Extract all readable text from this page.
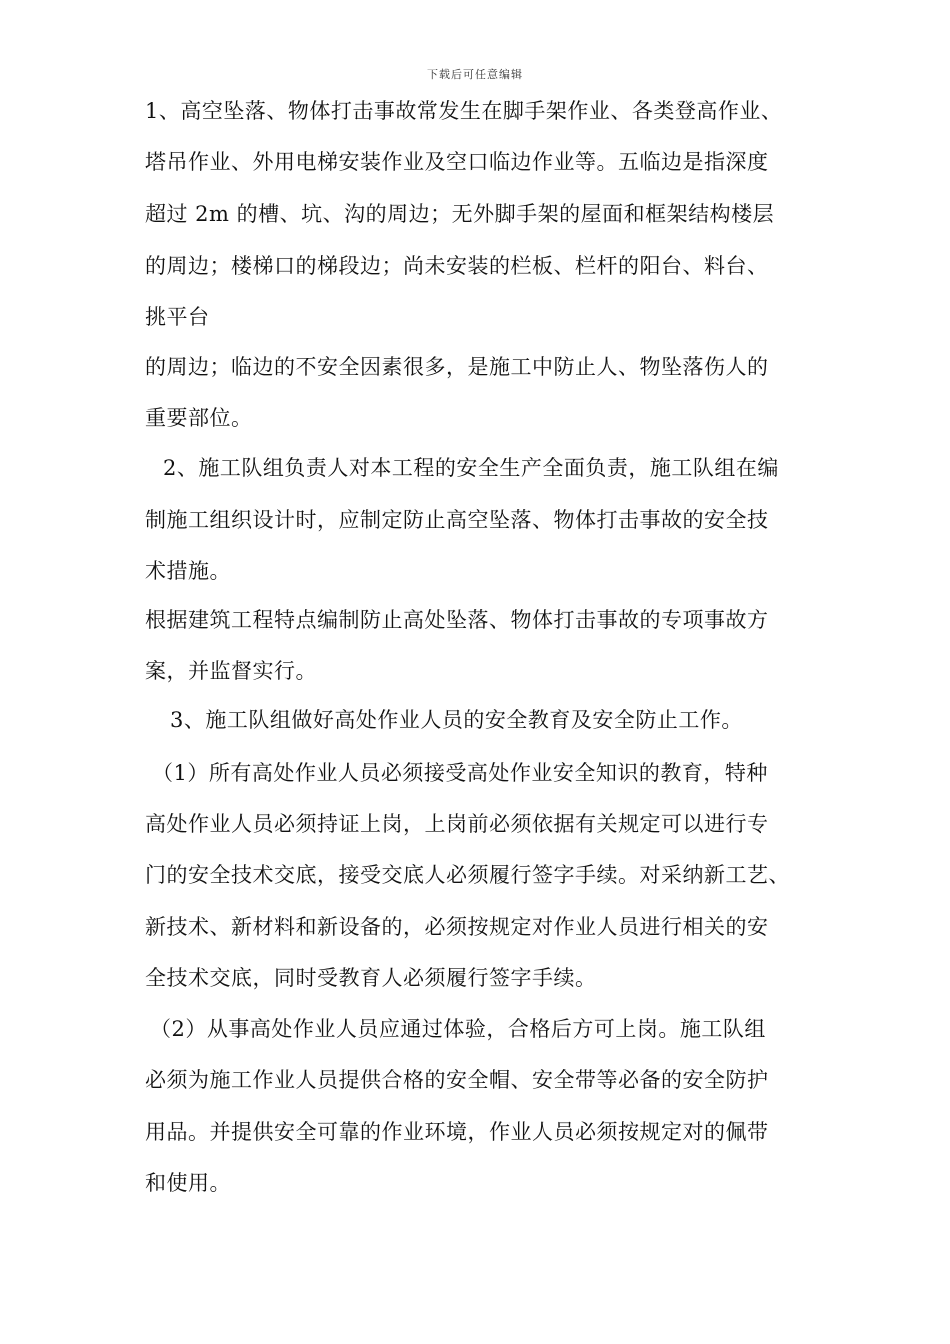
下载后可任意编辑
1、高空坠落、物体打击事故常发生在脚手架作业、各类登高作业、
塔吊作业、外用电梯安装作业及空口临边作业等。五临边是指深度
超过 2m 的槽、坑、沟的周边；无外脚手架的屋面和框架结构楼层
的周边；楼梯口的梯段边；尚未安装的栏板、栏杆的阳台、料台、
挑平台
的周边；临边的不安全因素很多，是施工中防止人、物坠落伤人的
重要部位。
2、施工队组负责人对本工程的安全生产全面负责，施工队组在编
制施工组织设计时，应制定防止高空坠落、物体打击事故的安全技
术措施。
根据建筑工程特点编制防止高处坠落、物体打击事故的专项事故方
案，并监督实行。
3、施工队组做好高处作业人员的安全教育及安全防止工作。
（1）所有高处作业人员必须接受高处作业安全知识的教育，特种
高处作业人员必须持证上岗，上岗前必须依据有关规定可以进行专
门的安全技术交底，接受交底人必须履行签字手续。对采纳新工艺、
新技术、新材料和新设备的，必须按规定对作业人员进行相关的安
全技术交底，同时受教育人必须履行签字手续。
（2）从事高处作业人员应通过体验，合格后方可上岗。施工队组
必须为施工作业人员提供合格的安全帽、安全带等必备的安全防护
用品。并提供安全可靠的作业环境，作业人员必须按规定对的佩带
和使用。
